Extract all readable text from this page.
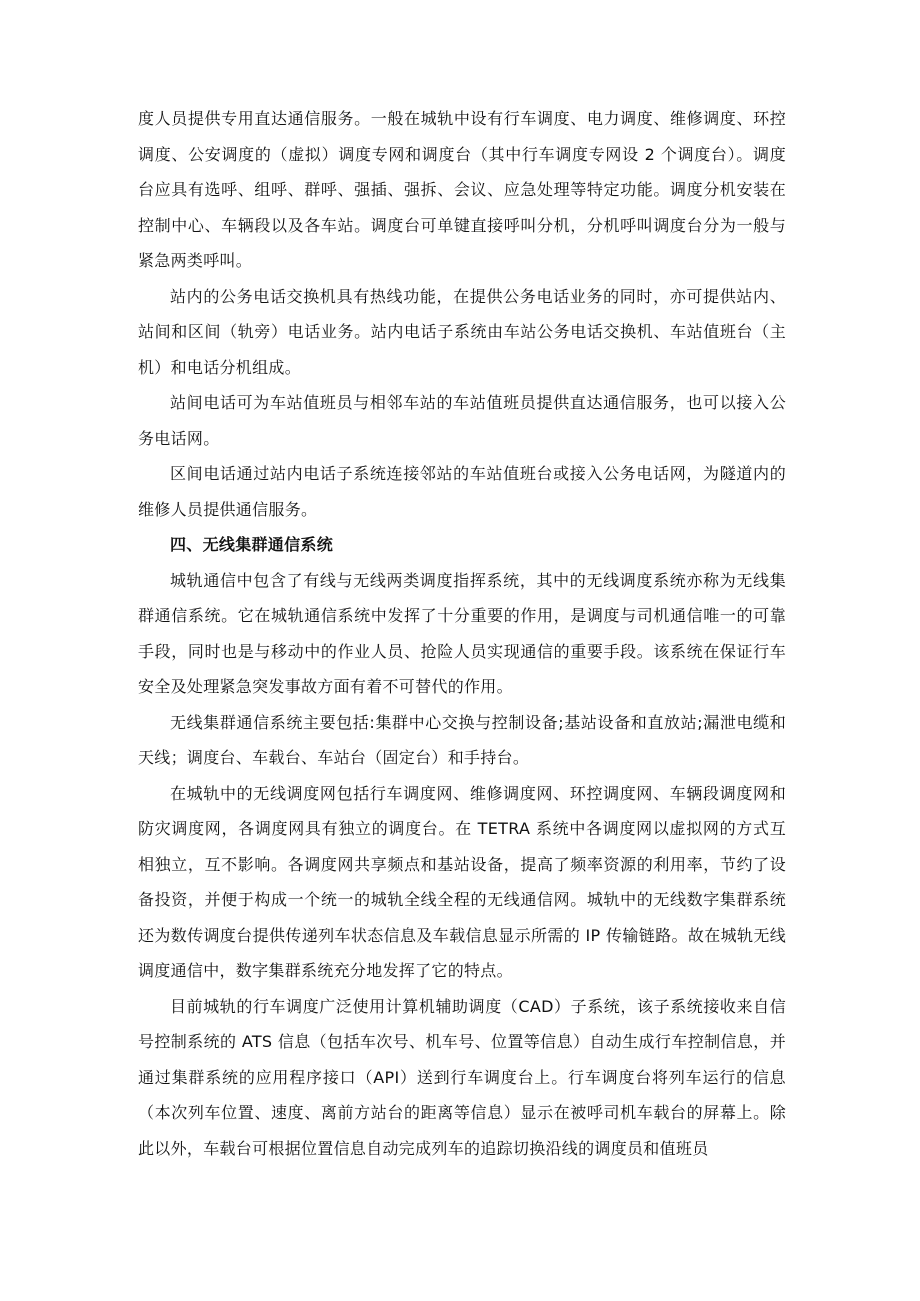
度人员提供专用直达通信服务。一般在城轨中设有行车调度、电力调度、维修调度、环控调度、公安调度的（虚拟）调度专网和调度台（其中行车调度专网设 2 个调度台）。调度台应具有选呼、组呼、群呼、强插、强拆、会议、应急处理等特定功能。调度分机安装在控制中心、车辆段以及各车站。调度台可单键直接呼叫分机，分机呼叫调度台分为一般与紧急两类呼叫。

站内的公务电话交换机具有热线功能，在提供公务电话业务的同时，亦可提供站内、站间和区间（轨旁）电话业务。站内电话子系统由车站公务电话交换机、车站值班台（主机）和电话分机组成。

站间电话可为车站值班员与相邻车站的车站值班员提供直达通信服务，也可以接入公务电话网。

区间电话通过站内电话子系统连接邻站的车站值班台或接入公务电话网，为隧道内的维修人员提供通信服务。

四、无线集群通信系统

城轨通信中包含了有线与无线两类调度指挥系统，其中的无线调度系统亦称为无线集群通信系统。它在城轨通信系统中发挥了十分重要的作用，是调度与司机通信唯一的可靠手段，同时也是与移动中的作业人员、抢险人员实现通信的重要手段。该系统在保证行车安全及处理紧急突发事故方面有着不可替代的作用。

无线集群通信系统主要包括:集群中心交换与控制设备;基站设备和直放站;漏泄电缆和天线；调度台、车载台、车站台（固定台）和手持台。

在城轨中的无线调度网包括行车调度网、维修调度网、环控调度网、车辆段调度网和防灾调度网，各调度网具有独立的调度台。在 TETRA 系统中各调度网以虚拟网的方式互相独立，互不影响。各调度网共享频点和基站设备，提高了频率资源的利用率，节约了设备投资，并便于构成一个统一的城轨全线全程的无线通信网。城轨中的无线数字集群系统还为数传调度台提供传递列车状态信息及车载信息显示所需的 IP 传输链路。故在城轨无线调度通信中，数字集群系统充分地发挥了它的特点。

目前城轨的行车调度广泛使用计算机辅助调度（CAD）子系统，该子系统接收来自信号控制系统的 ATS 信息（包括车次号、机车号、位置等信息）自动生成行车控制信息，并通过集群系统的应用程序接口（API）送到行车调度台上。行车调度台将列车运行的信息（本次列车位置、速度、离前方站台的距离等信息）显示在被呼司机车载台的屏幕上。除此以外，车载台可根据位置信息自动完成列车的追踪切换沿线的调度员和值班员
